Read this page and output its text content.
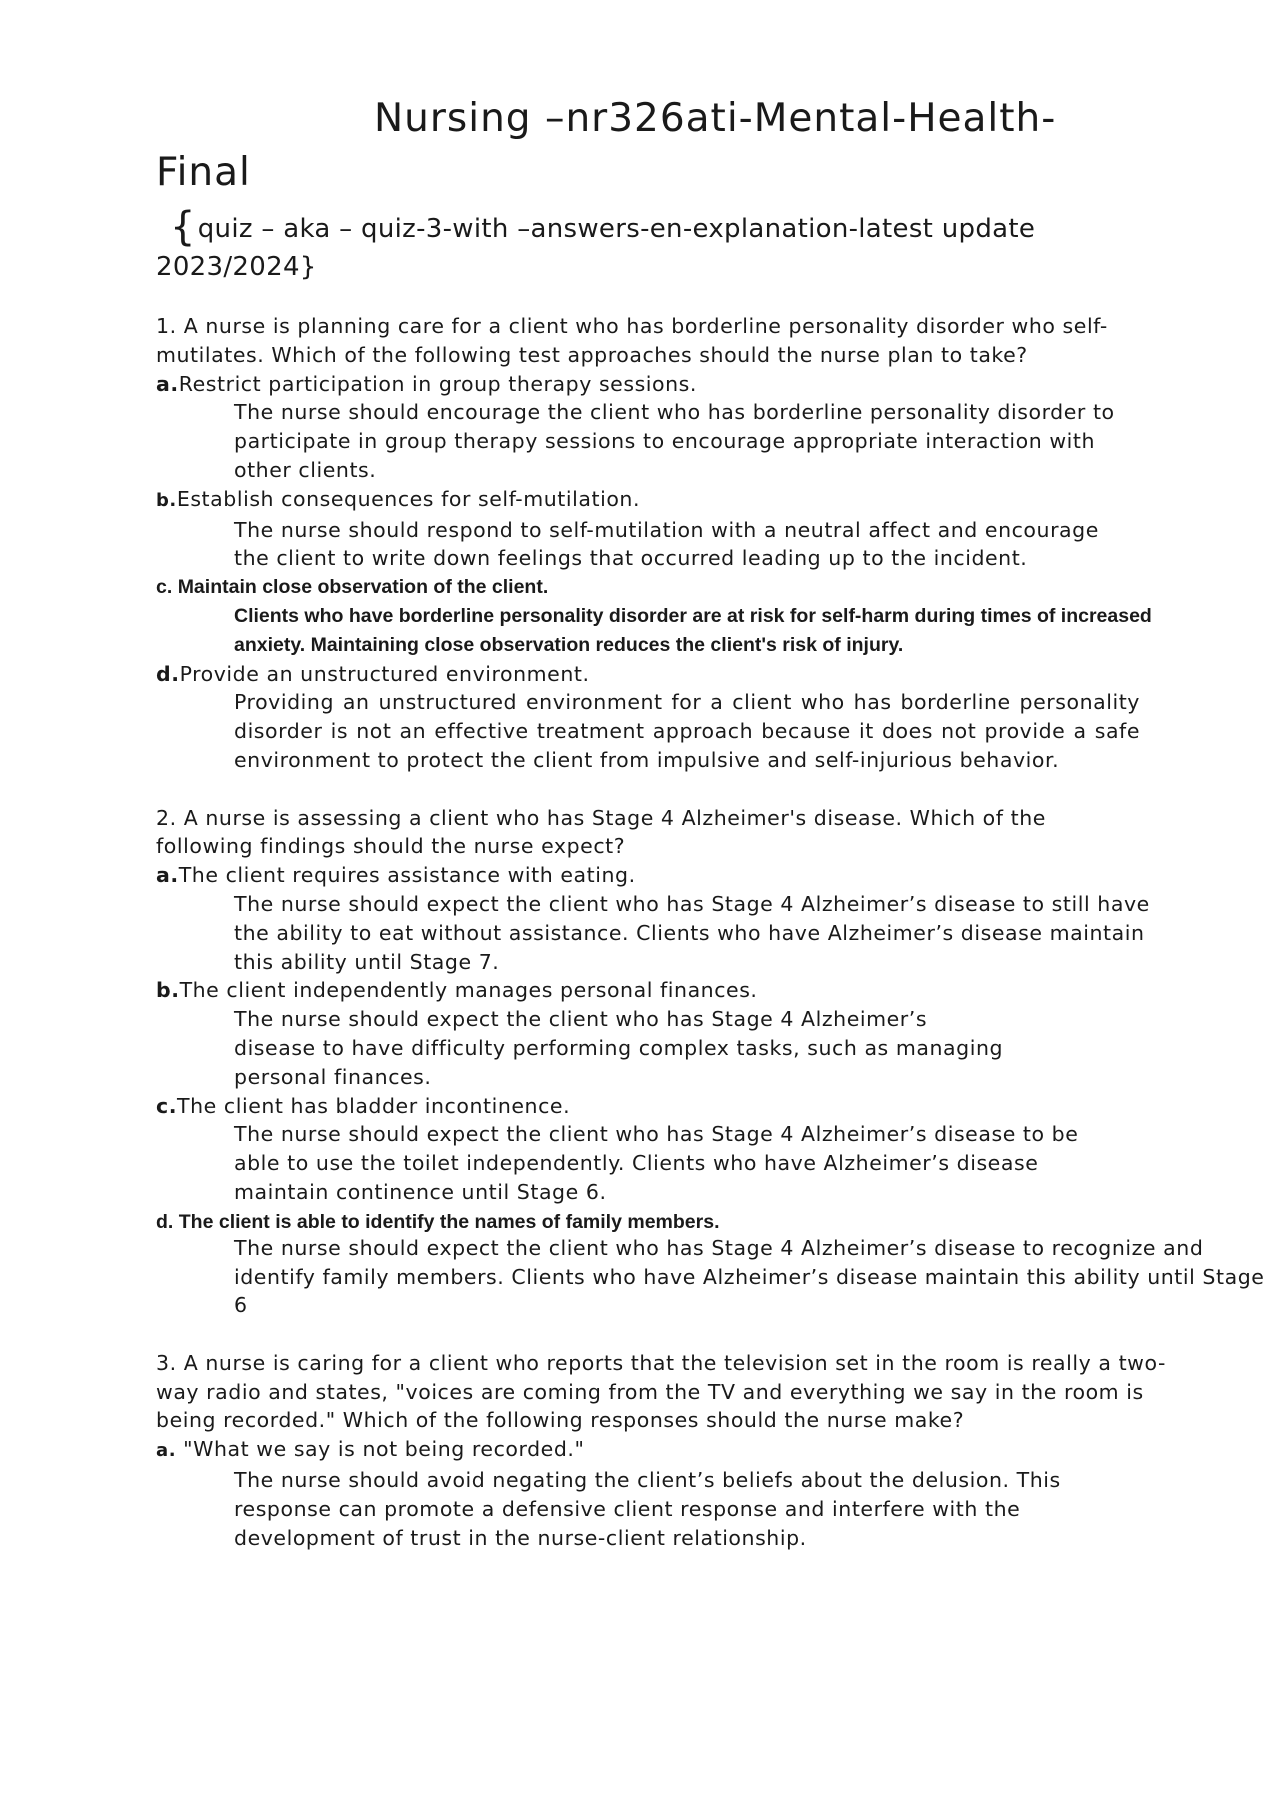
Nursing –nr326ati-Mental-Health-
Final
{quiz – aka – quiz-3-with –answers-en-explanation-latest update
2023/2024}
1. A nurse is planning care for a client who has borderline personality disorder who self- mutilates. Which of the following test approaches should the nurse plan to take?
a.Restrict participation in group therapy sessions.
The nurse should encourage the client who has borderline personality disorder to participate in group therapy sessions to encourage appropriate interaction with other clients.
b.Establish consequences for self-mutilation.
The nurse should respond to self-mutilation with a neutral affect and encourage the client to write down feelings that occurred leading up to the incident.
c. Maintain close observation of the client.
Clients who have borderline personality disorder are at risk for self-harm during times of increased anxiety. Maintaining close observation reduces the client's risk of injury.
d.Provide an unstructured environment.
Providing an unstructured environment for a client who has borderline personality disorder is not an effective treatment approach because it does not provide a safe environment to protect the client from impulsive and self-injurious behavior.
2. A nurse is assessing a client who has Stage 4 Alzheimer's disease. Which of the following findings should the nurse expect?
a.The client requires assistance with eating.
The nurse should expect the client who has Stage 4 Alzheimer’s disease to still have the ability to eat without assistance. Clients who have Alzheimer’s disease maintain this ability until Stage 7.
b.The client independently manages personal finances.
The nurse should expect the client who has Stage 4 Alzheimer’s disease to have difficulty performing complex tasks, such as managing personal finances.
c.The client has bladder incontinence.
The nurse should expect the client who has Stage 4 Alzheimer’s disease to be able to use the toilet independently. Clients who have Alzheimer’s disease maintain continence until Stage 6.
d. The client is able to identify the names of family members.
The nurse should expect the client who has Stage 4 Alzheimer’s disease to recognize and identify family members. Clients who have Alzheimer’s disease maintain this ability until Stage 6
3. A nurse is caring for a client who reports that the television set in the room is really a two- way radio and states, "voices are coming from the TV and everything we say in the room is being recorded." Which of the following responses should the nurse make?
a. "What we say is not being recorded."
The nurse should avoid negating the client’s beliefs about the delusion. This response can promote a defensive client response and interfere with the development of trust in the nurse-client relationship.
